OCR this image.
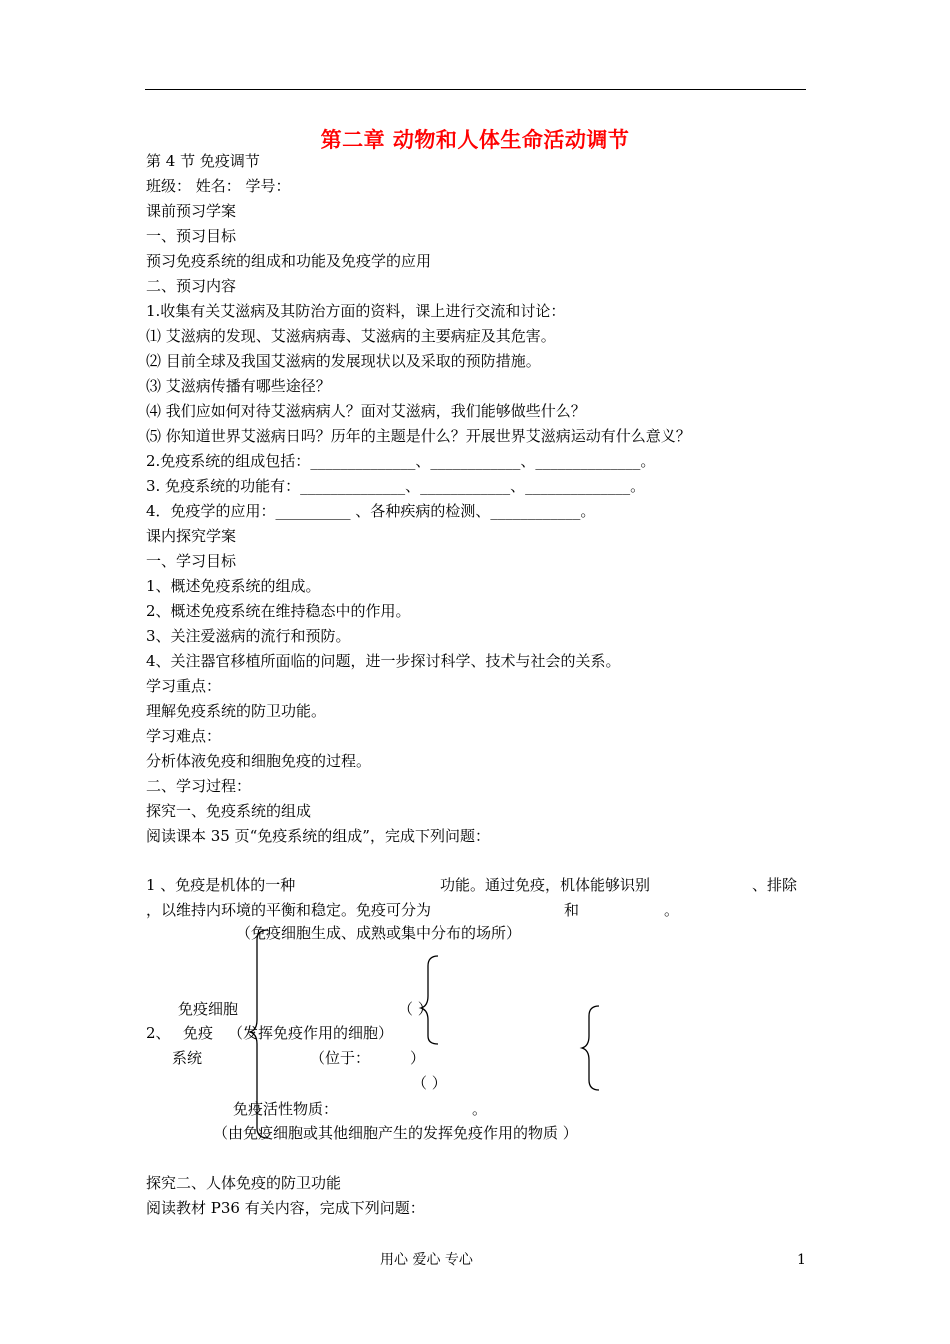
第二章 动物和人体生命活动调节
第 4 节 免疫调节
班级： 姓名： 学号：
课前预习学案
一、预习目标
预习免疫系统的组成和功能及免疫学的应用
二、预习内容
1.收集有关艾滋病及其防治方面的资料，课上进行交流和讨论：
⑴ 艾滋病的发现、艾滋病病毒、艾滋病的主要病症及其危害。
⑵ 目前全球及我国艾滋病的发展现状以及采取的预防措施。
⑶ 艾滋病传播有哪些途径？
⑷ 我们应如何对待艾滋病病人？面对艾滋病，我们能够做些什么？
⑸ 你知道世界艾滋病日吗？历年的主题是什么？开展世界艾滋病运动有什么意义？
2.免疫系统的组成包括：______________、____________、______________。
3. 免疫系统的功能有：______________、____________、______________。
4．免疫学的应用：__________ 、各种疾病的检测、____________。
课内探究学案
一、学习目标
1、概述免疫系统的组成。
2、概述免疫系统在维持稳态中的作用。
3、关注爱滋病的流行和预防。
4、关注器官移植所面临的问题，进一步探讨科学、技术与社会的关系。
学习重点：
理解免疫系统的防卫功能。
学习难点：
分析体液免疫和细胞免疫的过程。
二、学习过程：
探究一、免疫系统的组成
阅读课本 35 页“免疫系统的组成”，完成下列问题：
1 、免疫是机体的一种	功能。通过免疫，机体能够识别	、排除
，以维持内环境的平衡和稳定。免疫可分为	和	。
（免疫细胞生成、成熟或集中分布的场所）
免疫细胞	（ ）
2、 免疫 （发挥免疫作用的细胞）
系统	（位于：	）
（ ）
免疫活性物质：	。
（由免疫细胞或其他细胞产生的发挥免疫作用的物质 ）
探究二、人体免疫的防卫功能
阅读教材 P36 有关内容，完成下列问题：
用心 爱心 专心	1
